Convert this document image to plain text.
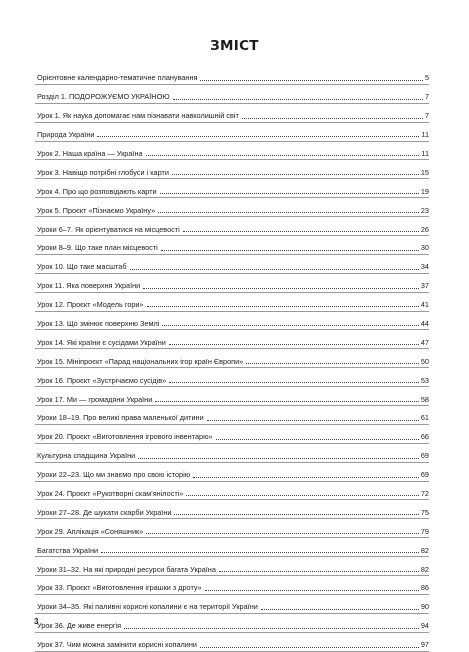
ЗМІСТ
Орієнтовне календарно-тематичне планування	5
Розділ 1. ПОДОРОЖУЄМО УКРАЇНОЮ	7
Урок 1. Як наука допомагає нам пізнавати навколишній світ	7
Природа України	11
Урок 2. Наша країна — Україна	11
Урок 3. Навіщо потрібні глобуси і карти	15
Урок 4. Про що розповідають карти	19
Урок 5. Проєкт «Пізнаємо Україну»	23
Уроки 6–7. Як орієнтуватися на місцевості	26
Уроки 8–9. Що таке план місцевості	30
Урок 10. Що таке масштаб	34
Урок 11. Яка поверхня України	37
Урок 12. Проєкт «Модель гори»	41
Урок 13. Що змінює поверхню Землі	44
Урок 14. Які країни є сусідами України	47
Урок 15. Мініпроєкт «Парад національних ігор країн Європи»	50
Урок 16. Проєкт «Зустрічаємо сусідів»	53
Урок 17. Ми — громадяни України	58
Уроки 18–19. Про великі права маленької дитини	61
Урок 20. Проєкт «Виготовлення ігрового інвентарю»	66
Культурна спадщина України	69
Уроки 22–23. Що ми знаємо про свою історію	69
Урок 24. Проєкт «Рукотворні скам'янілості»	72
Уроки 27–28. Де шукати скарби України	75
Урок 29. Аплікація «Соняшник»	79
Багатства України	82
Уроки 31–32. На які природні ресурси багата Україна	82
Урок 33. Проєкт «Виготовлення іграшки з дроту»	86
Уроки 34–35. Які паливні корисні копалини є на території України	90
Урок 36. Де живе енергія	94
Урок 37. Чим можна замінити корисні копалини	97
3
